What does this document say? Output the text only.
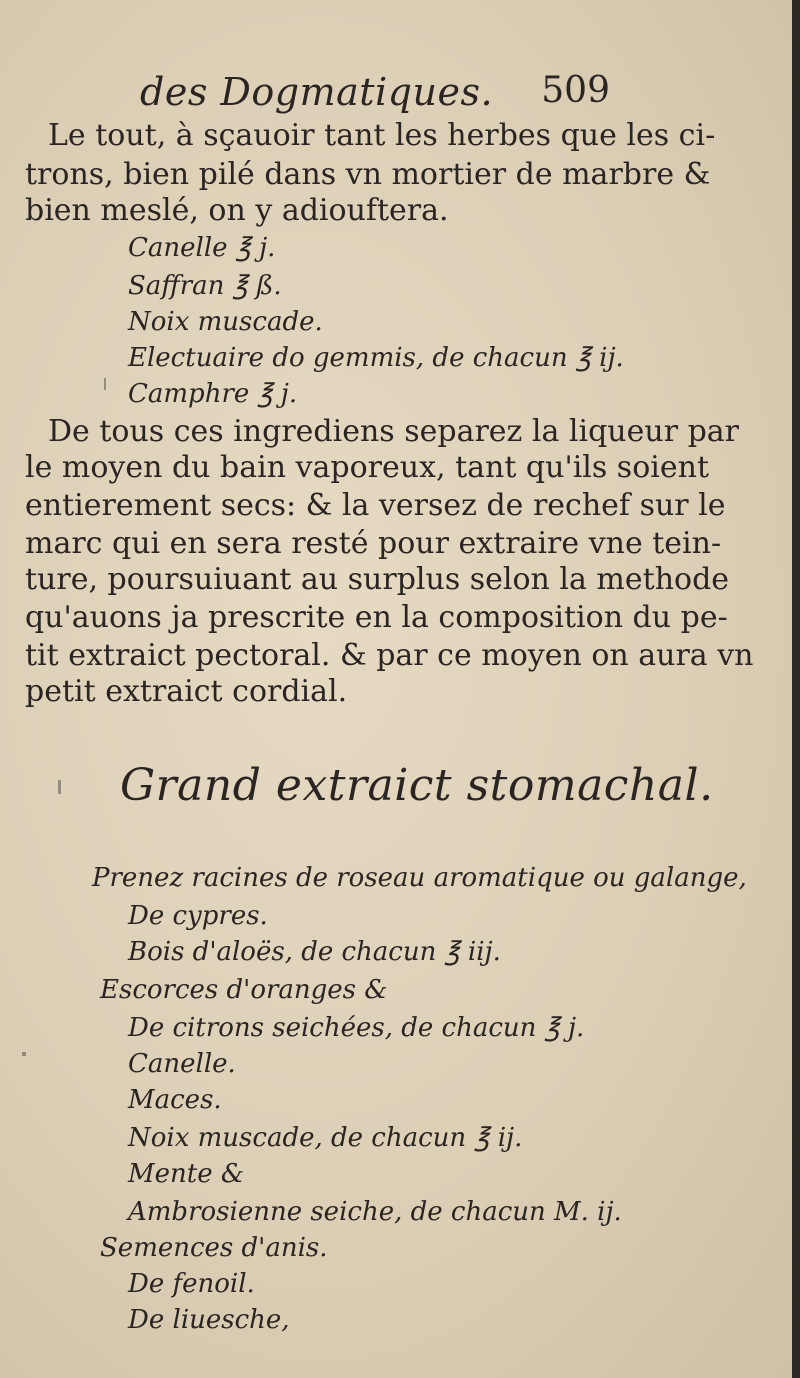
des Dogmatiques. 509
Le tout, à sçauoir tant les herbes que les ci-
trons, bien pilé dans vn mortier de marbre &
bien meslé, on y adiouftera.
Canelle ℥ j.
Saffran ℥ ß.
Noix muscade.
Electuaire do gemmis, de chacun ℥ ij.
Camphre ℥ j.
De tous ces ingrediens separez la liqueur par
le moyen du bain vaporeux, tant qu'ils soient
entierement secs: & la versez de rechef sur le
marc qui en sera resté pour extraire vne tein-
ture, poursuiuant au surplus selon la methode
qu'auons ja prescrite en la composition du pe-
tit extraict pectoral. & par ce moyen on aura vn
petit extraict cordial.
Grand extraict stomachal.
Prenez racines de roseau aromatique ou galange,
De cypres.
Bois d'aloës, de chacun ℥ iij.
Escorces d'oranges &
De citrons seichées, de chacun ℥ j.
Canelle.
Maces.
Noix muscade, de chacun ℥ ij.
Mente &
Ambrosienne seiche, de chacun M. ij.
Semences d'anis.
De fenoil.
De liuesche,
